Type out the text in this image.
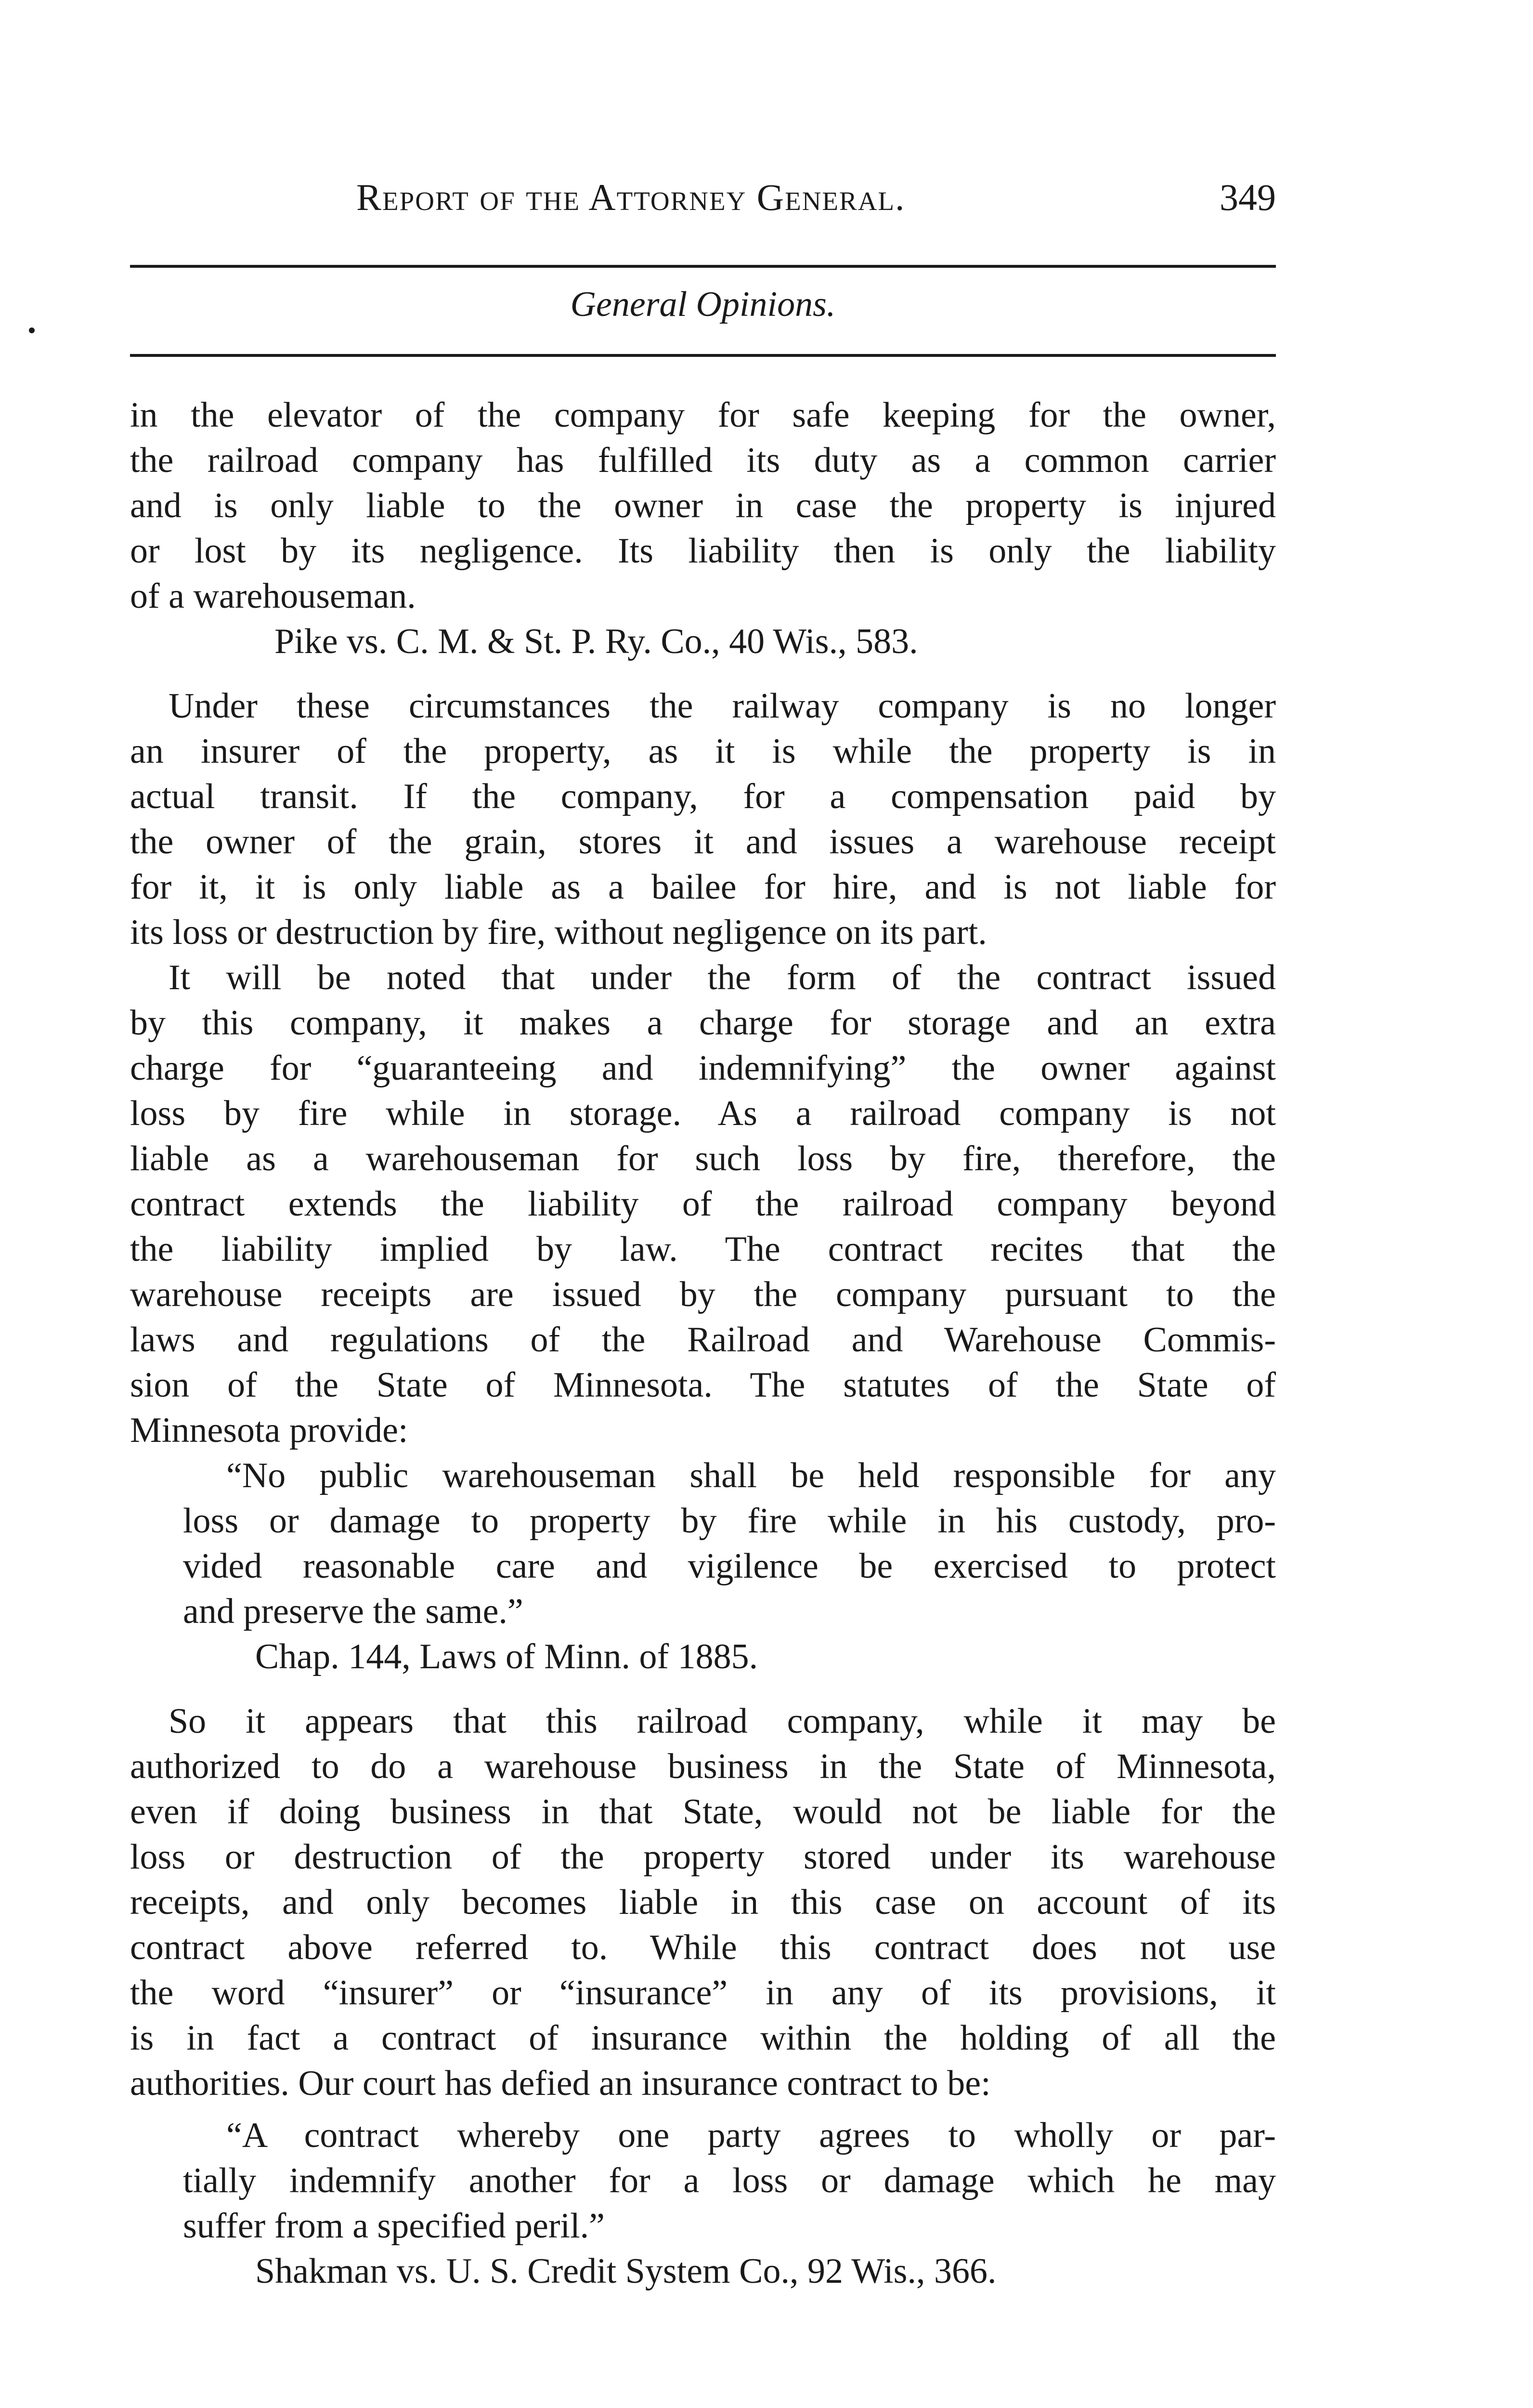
Report of the Attorney General.	349
General Opinions.
in the elevator of the company for safe keeping for the owner,
the railroad company has fulfilled its duty as a common carrier
and is only liable to the owner in case the property is injured
or lost by its negligence. Its liability then is only the liability
of a warehouseman.
Pike vs. C. M. & St. P. Ry. Co., 40 Wis., 583.
Under these circumstances the railway company is no longer
an insurer of the property, as it is while the property is in
actual transit. If the company, for a compensation paid by
the owner of the grain, stores it and issues a warehouse receipt
for it, it is only liable as a bailee for hire, and is not liable for
its loss or destruction by fire, without negligence on its part.
It will be noted that under the form of the contract issued
by this company, it makes a charge for storage and an extra
charge for “guaranteeing and indemnifying” the owner against
loss by fire while in storage. As a railroad company is not
liable as a warehouseman for such loss by fire, therefore, the
contract extends the liability of the railroad company beyond
the liability implied by law. The contract recites that the
warehouse receipts are issued by the company pursuant to the
laws and regulations of the Railroad and Warehouse Commis-
sion of the State of Minnesota. The statutes of the State of
Minnesota provide:
“No public warehouseman shall be held responsible for any
loss or damage to property by fire while in his custody, pro-
vided reasonable care and vigilence be exercised to protect
and preserve the same.”
Chap. 144, Laws of Minn. of 1885.
So it appears that this railroad company, while it may be
authorized to do a warehouse business in the State of Minnesota,
even if doing business in that State, would not be liable for the
loss or destruction of the property stored under its warehouse
receipts, and only becomes liable in this case on account of its
contract above referred to. While this contract does not use
the word “insurer” or “insurance” in any of its provisions, it
is in fact a contract of insurance within the holding of all the
authorities. Our court has defied an insurance contract to be:
“A contract whereby one party agrees to wholly or par-
tially indemnify another for a loss or damage which he may
suffer from a specified peril.”
Shakman vs. U. S. Credit System Co., 92 Wis., 366.
